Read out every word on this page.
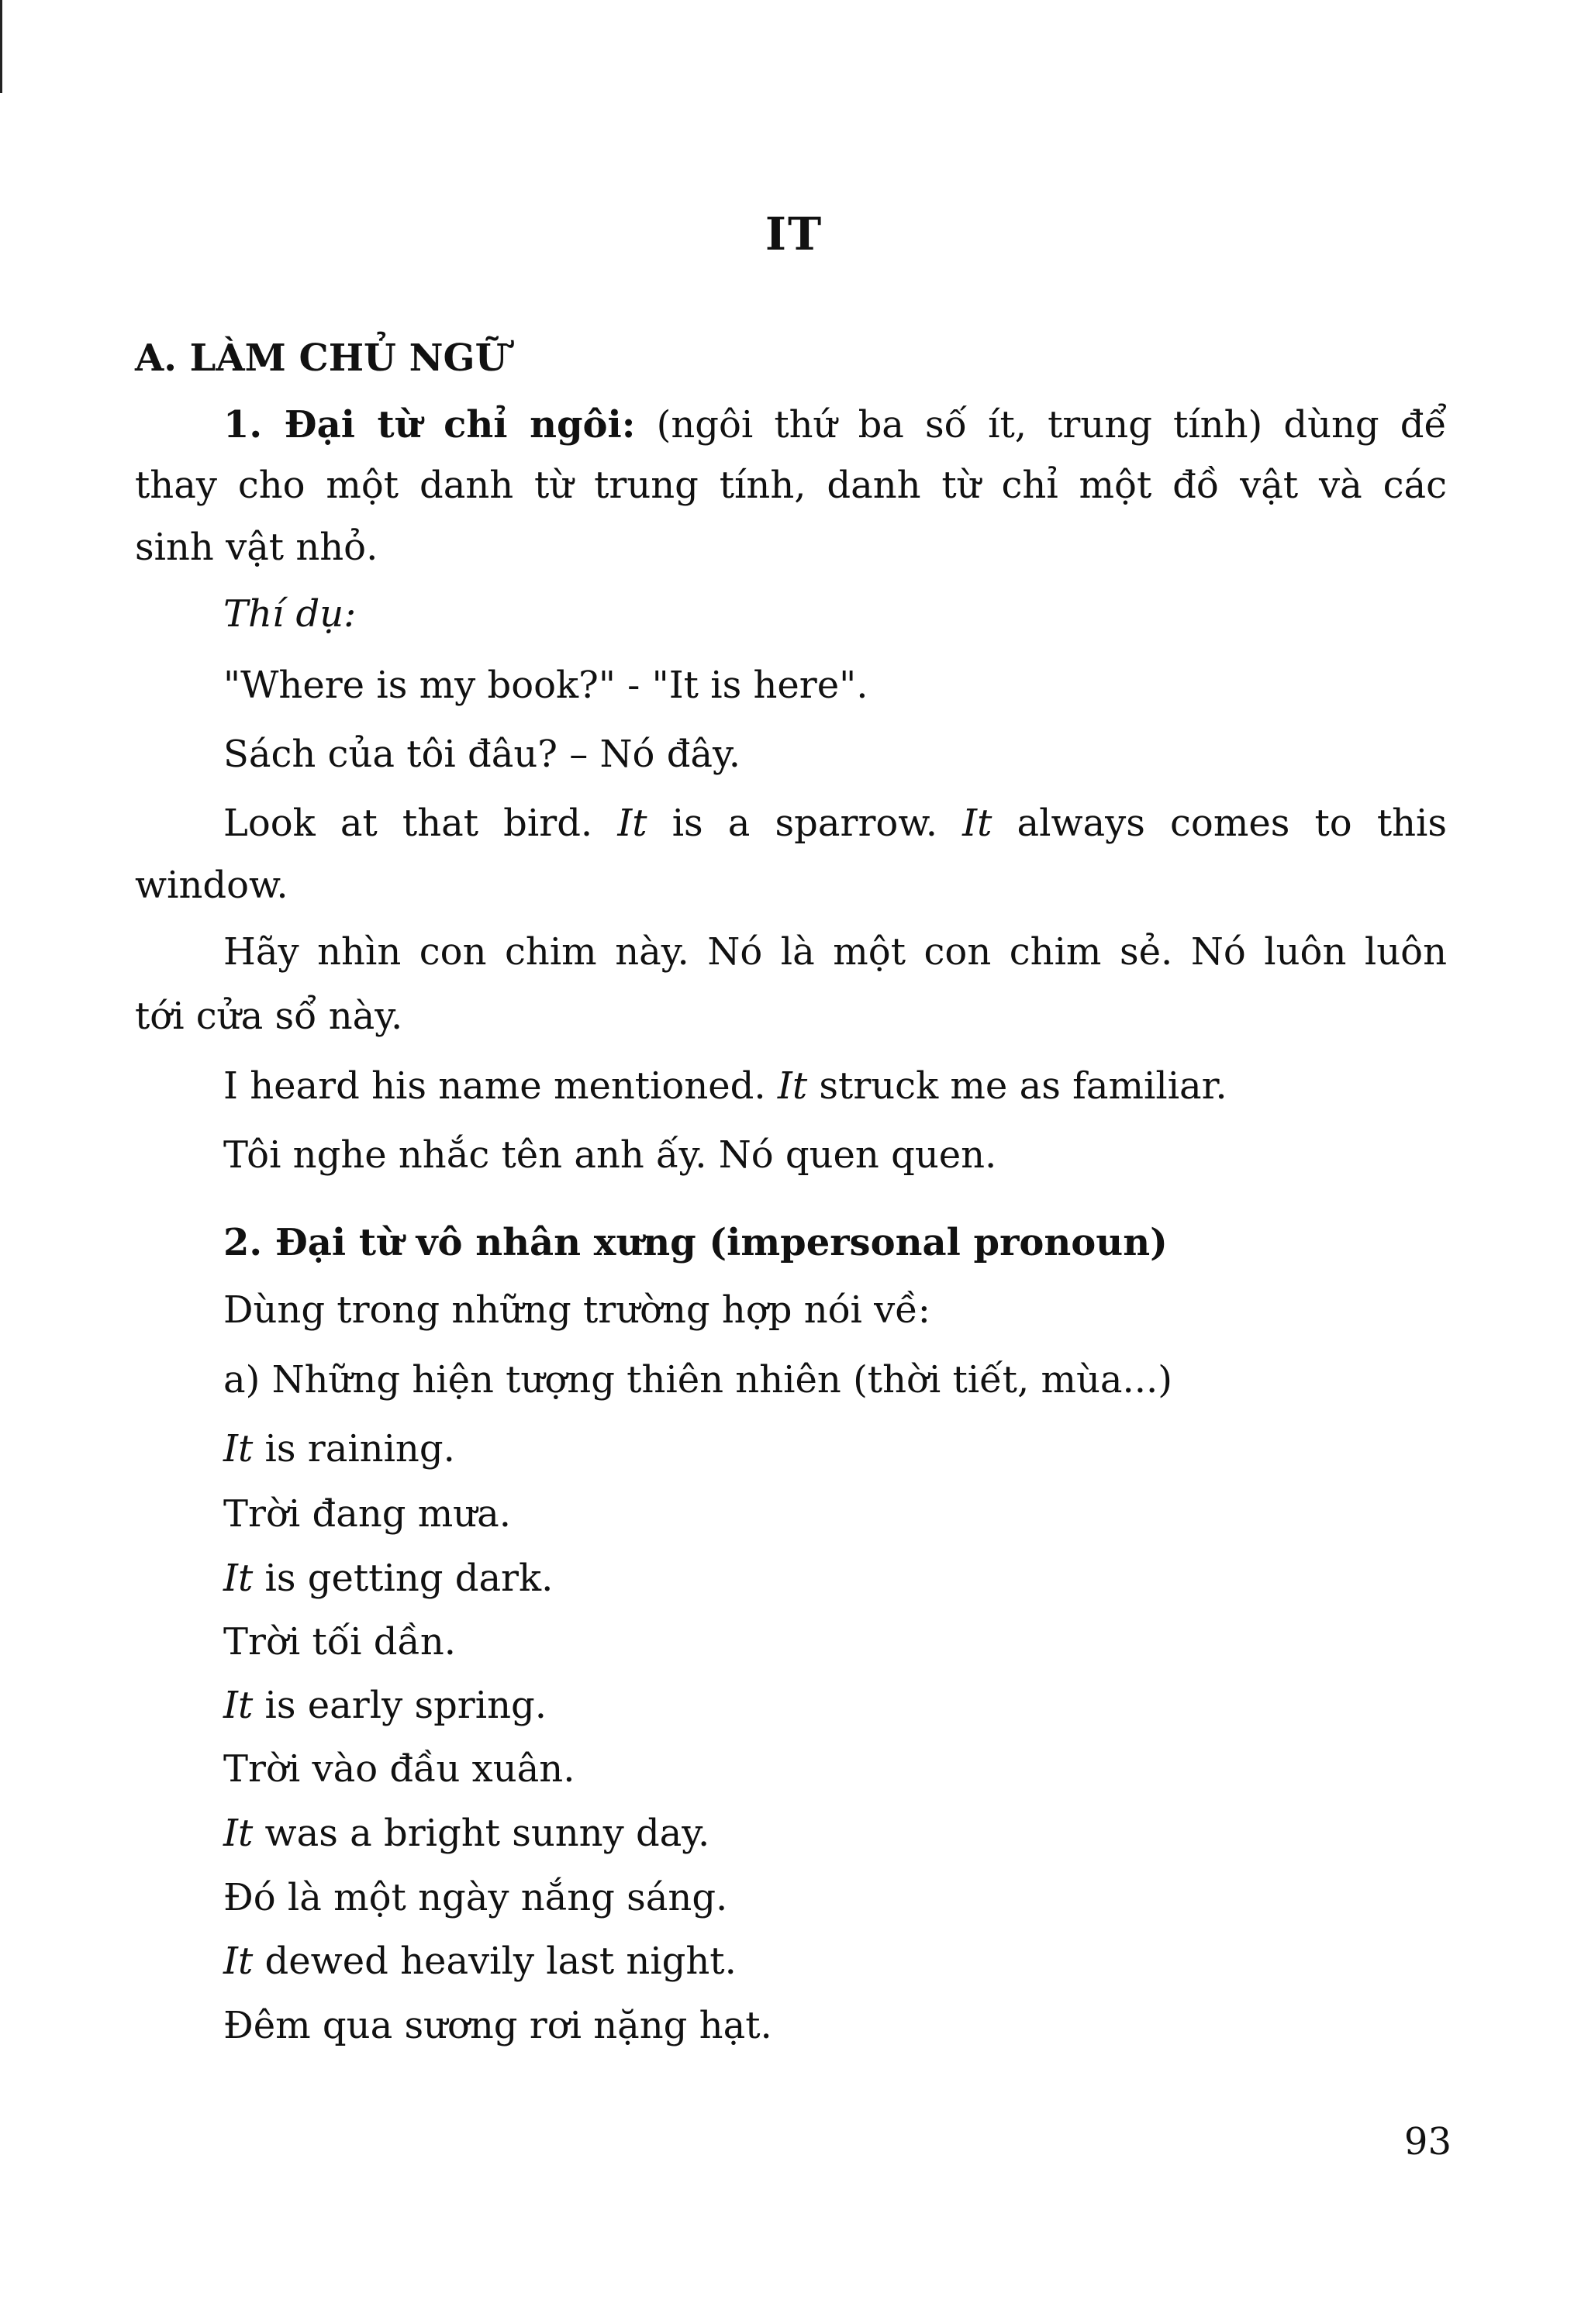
IT
A. LÀM CHỦ NGỮ
1. Đại từ chỉ ngôi: (ngôi thứ ba số ít, trung tính) dùng để
thay cho một danh từ trung tính, danh từ chỉ một đồ vật và các
sinh vật nhỏ.
Thí dụ:
"Where is my book?" - "It is here".
Sách của tôi đâu? – Nó đây.
Look at that bird. It is a sparrow. It always comes to this
window.
Hãy nhìn con chim này. Nó là một con chim sẻ. Nó luôn luôn
tới cửa sổ này.
I heard his name mentioned. It struck me as familiar.
Tôi nghe nhắc tên anh ấy. Nó quen quen.
2. Đại từ vô nhân xưng (impersonal pronoun)
Dùng trong những trường hợp nói về:
a) Những hiện tượng thiên nhiên (thời tiết, mùa...)
It is raining.
Trời đang mưa.
It is getting dark.
Trời tối dần.
It is early spring.
Trời vào đầu xuân.
It was a bright sunny day.
Đó là một ngày nắng sáng.
It dewed heavily last night.
Đêm qua sương rơi nặng hạt.
93
